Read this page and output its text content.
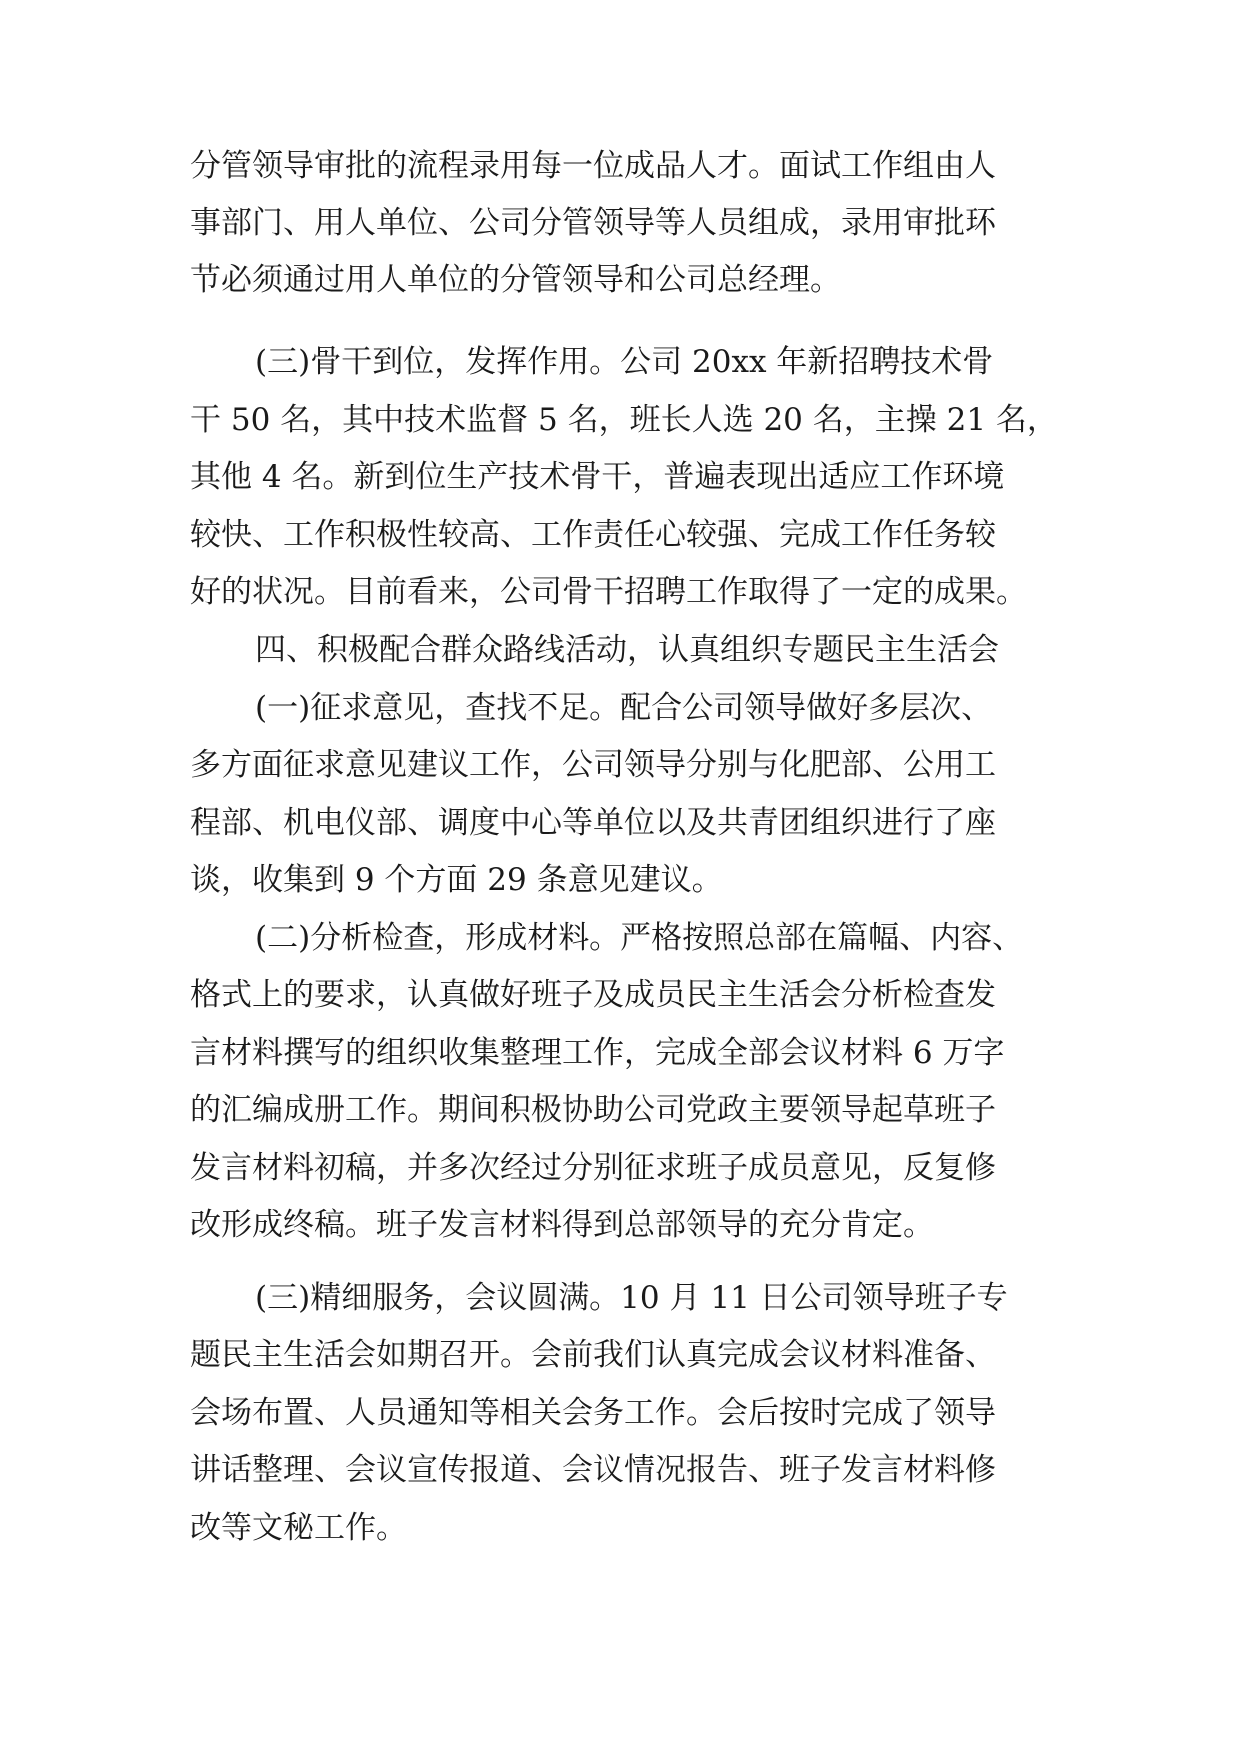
分管领导审批的流程录用每一位成品人才。面试工作组由人
事部门、用人单位、公司分管领导等人员组成，录用审批环
节必须通过用人单位的分管领导和公司总经理。
(三)骨干到位，发挥作用。公司 20xx 年新招聘技术骨
干 50 名，其中技术监督 5 名，班长人选 20 名，主操 21 名，
其他 4 名。新到位生产技术骨干，普遍表现出适应工作环境
较快、工作积极性较高、工作责任心较强、完成工作任务较
好的状况。目前看来，公司骨干招聘工作取得了一定的成果。
四、积极配合群众路线活动，认真组织专题民主生活会
(一)征求意见，查找不足。配合公司领导做好多层次、
多方面征求意见建议工作，公司领导分别与化肥部、公用工
程部、机电仪部、调度中心等单位以及共青团组织进行了座
谈，收集到 9 个方面 29 条意见建议。
(二)分析检查，形成材料。严格按照总部在篇幅、内容、
格式上的要求，认真做好班子及成员民主生活会分析检查发
言材料撰写的组织收集整理工作，完成全部会议材料 6 万字
的汇编成册工作。期间积极协助公司党政主要领导起草班子
发言材料初稿，并多次经过分别征求班子成员意见，反复修
改形成终稿。班子发言材料得到总部领导的充分肯定。
(三)精细服务，会议圆满。10 月 11 日公司领导班子专
题民主生活会如期召开。会前我们认真完成会议材料准备、
会场布置、人员通知等相关会务工作。会后按时完成了领导
讲话整理、会议宣传报道、会议情况报告、班子发言材料修
改等文秘工作。
